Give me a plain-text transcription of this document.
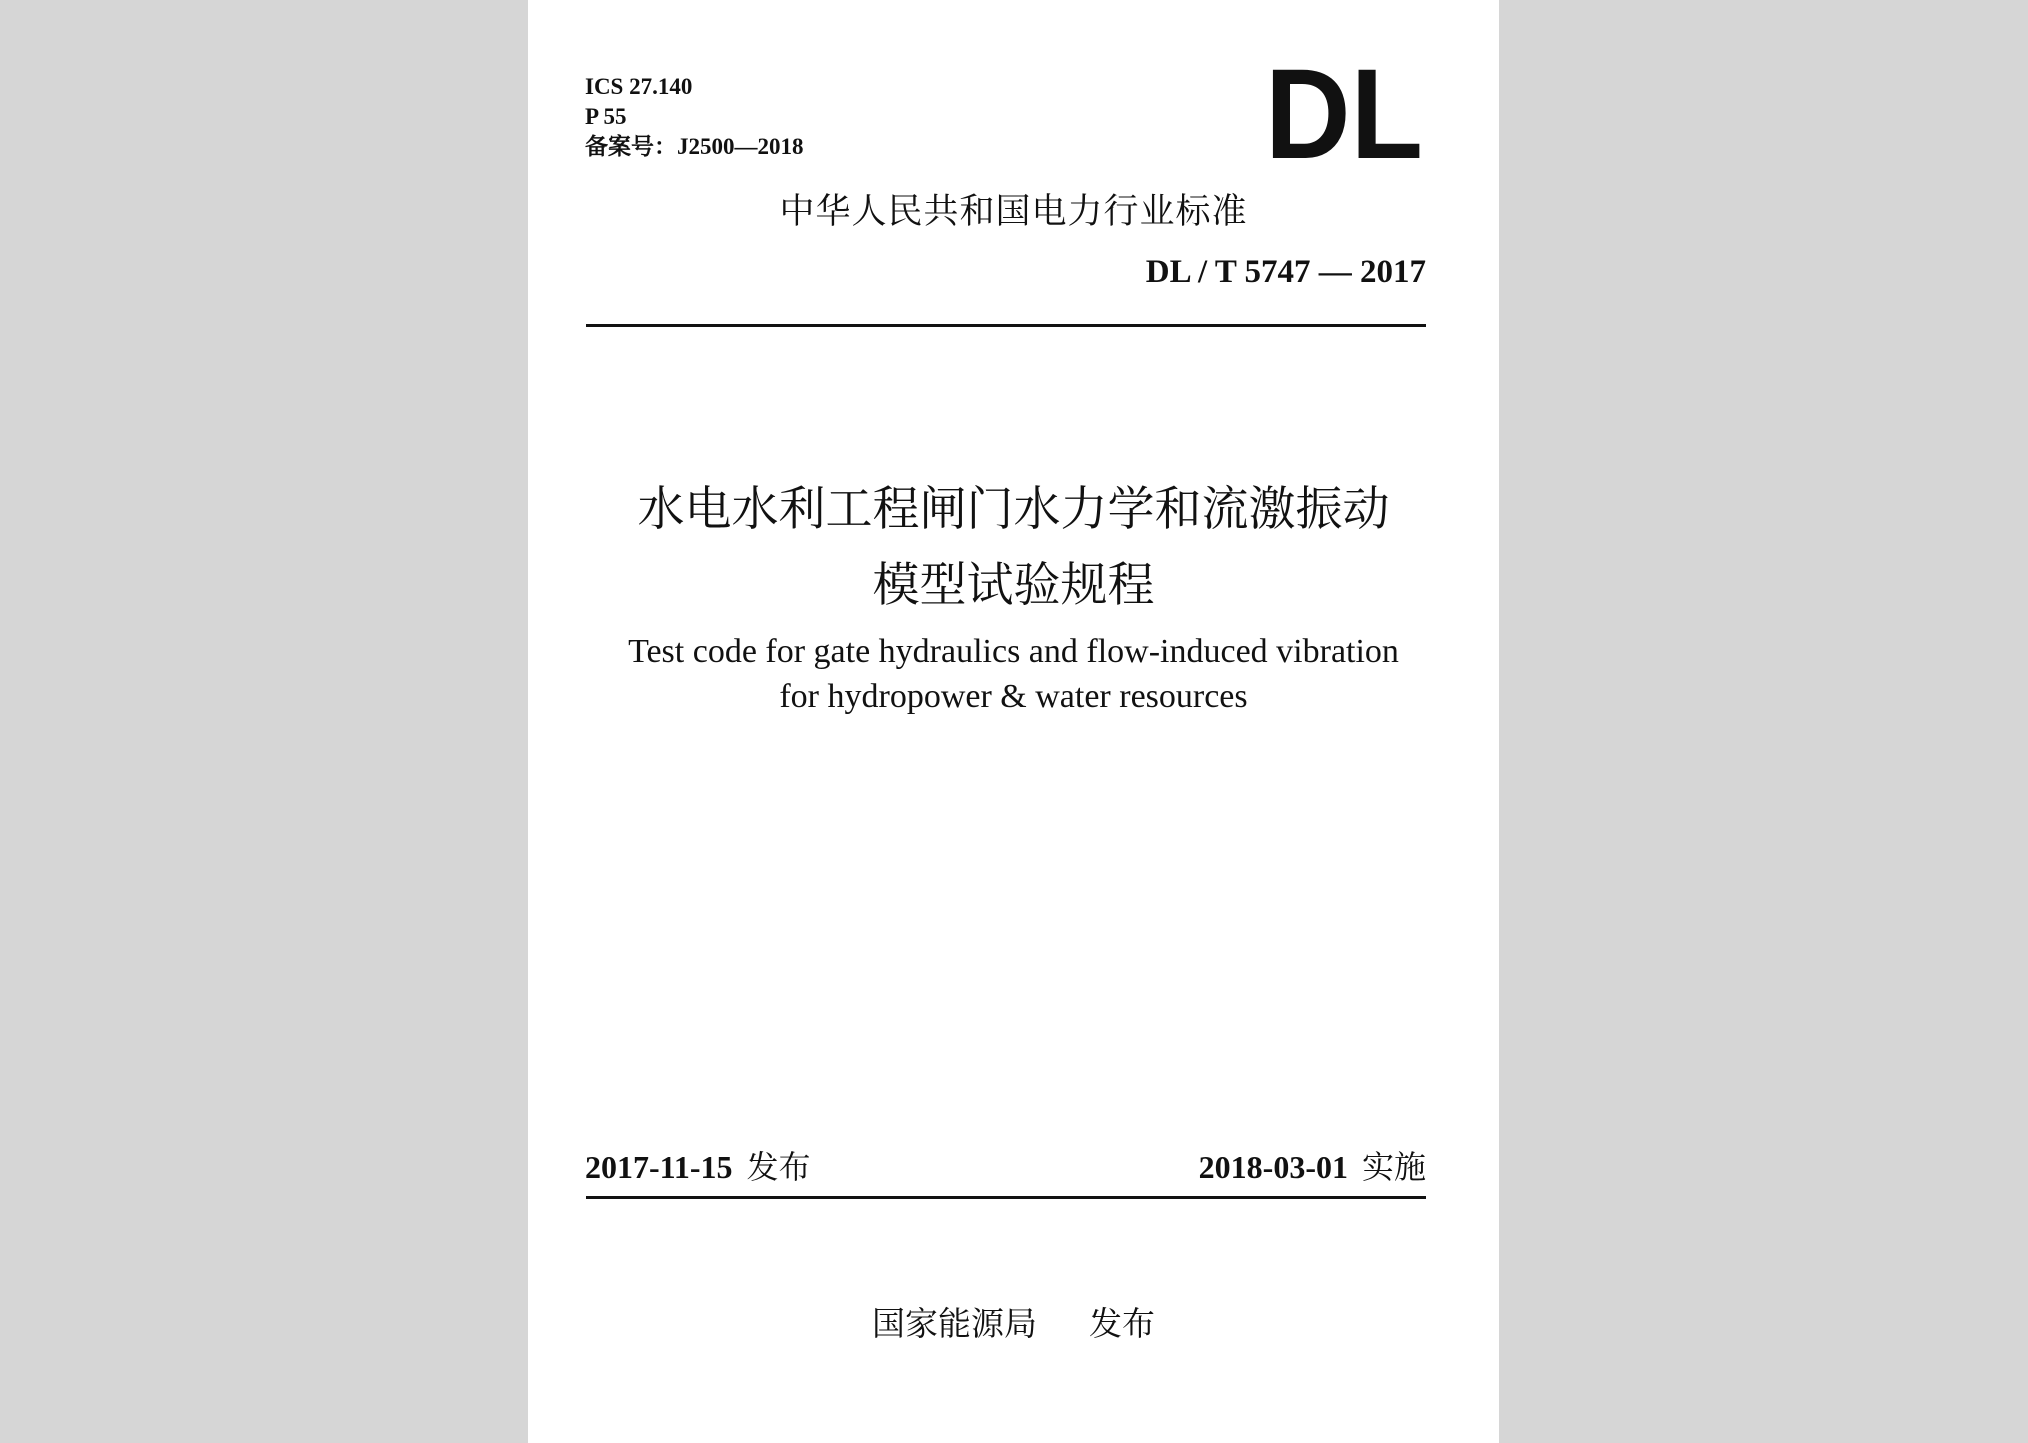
ICS 27.140
P 55
备案号：J2500—2018	DL
中华人民共和国电力行业标准
DL / T 5747 — 2017
水电水利工程闸门水力学和流激振动
模型试验规程
Test code for gate hydraulics and flow-induced vibration
for hydropower & water resources
2017-11-15 发布	2018-03-01 实施
国家能源局 发布
